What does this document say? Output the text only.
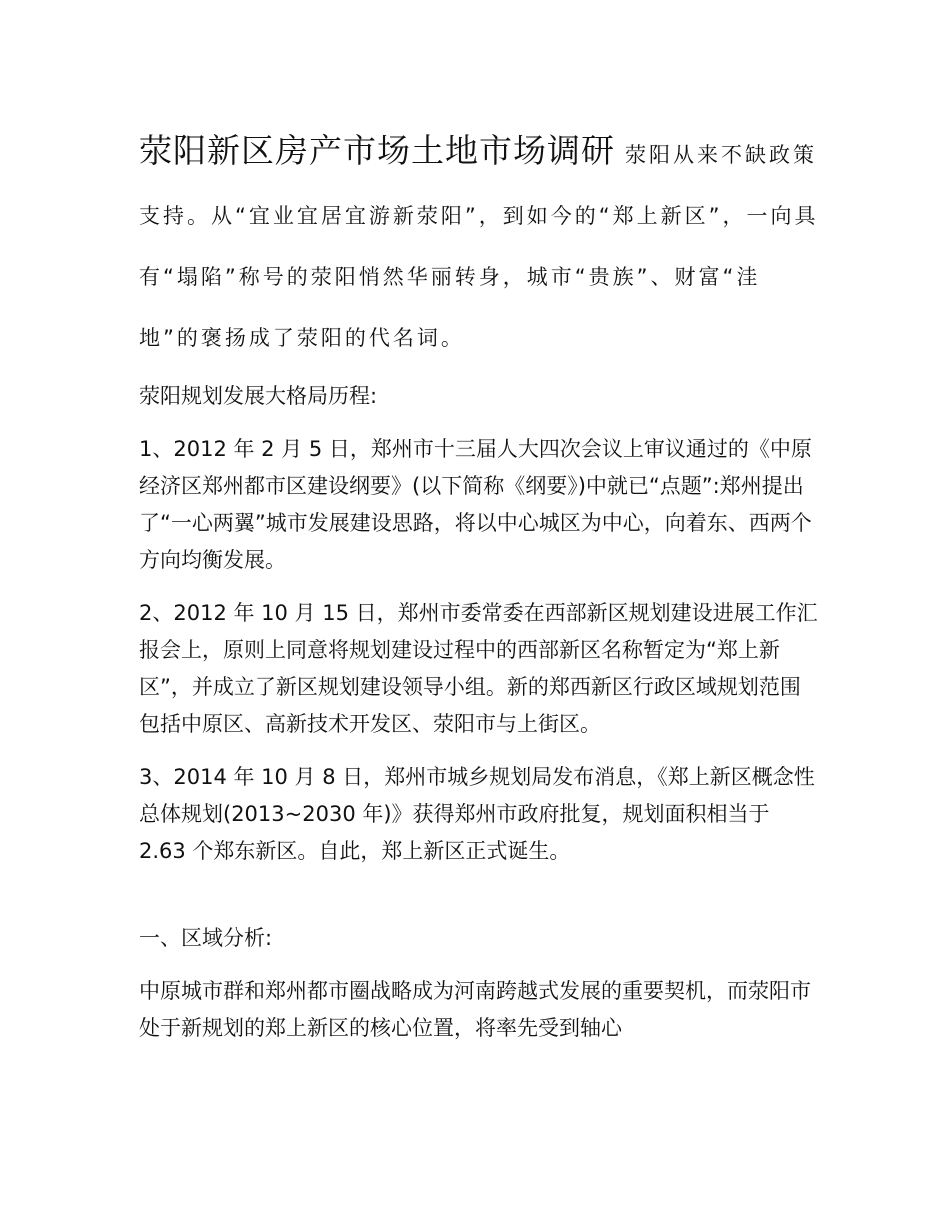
荥阳新区房产市场土地市场调研 荥阳从来不缺政策支持。从“宜业宜居宜游新荥阳”，到如今的“郑上新区”，一向具有“塌陷”称号的荥阳悄然华丽转身，城市“贵族”、财富“洼地”的褒扬成了荥阳的代名词。

荥阳规划发展大格局历程:

1、2012 年 2 月 5 日，郑州市十三届人大四次会议上审议通过的《中原经济区郑州都市区建设纲要》(以下简称《纲要》)中就已“点题”:郑州提出了“一心两翼”城市发展建设思路，将以中心城区为中心，向着东、西两个方向均衡发展。

2、2012 年 10 月 15 日，郑州市委常委在西部新区规划建设进展工作汇报会上，原则上同意将规划建设过程中的西部新区名称暂定为“郑上新区”，并成立了新区规划建设领导小组。新的郑西新区行政区域规划范围包括中原区、高新技术开发区、荥阳市与上街区。

3、2014 年 10 月 8 日，郑州市城乡规划局发布消息，《郑上新区概念性总体规划(2013~2030 年)》获得郑州市政府批复，规划面积相当于 2.63 个郑东新区。自此，郑上新区正式诞生。

一、区域分析:

中原城市群和郑州都市圈战略成为河南跨越式发展的重要契机，而荥阳市处于新规划的郑上新区的核心位置，将率先受到轴心
